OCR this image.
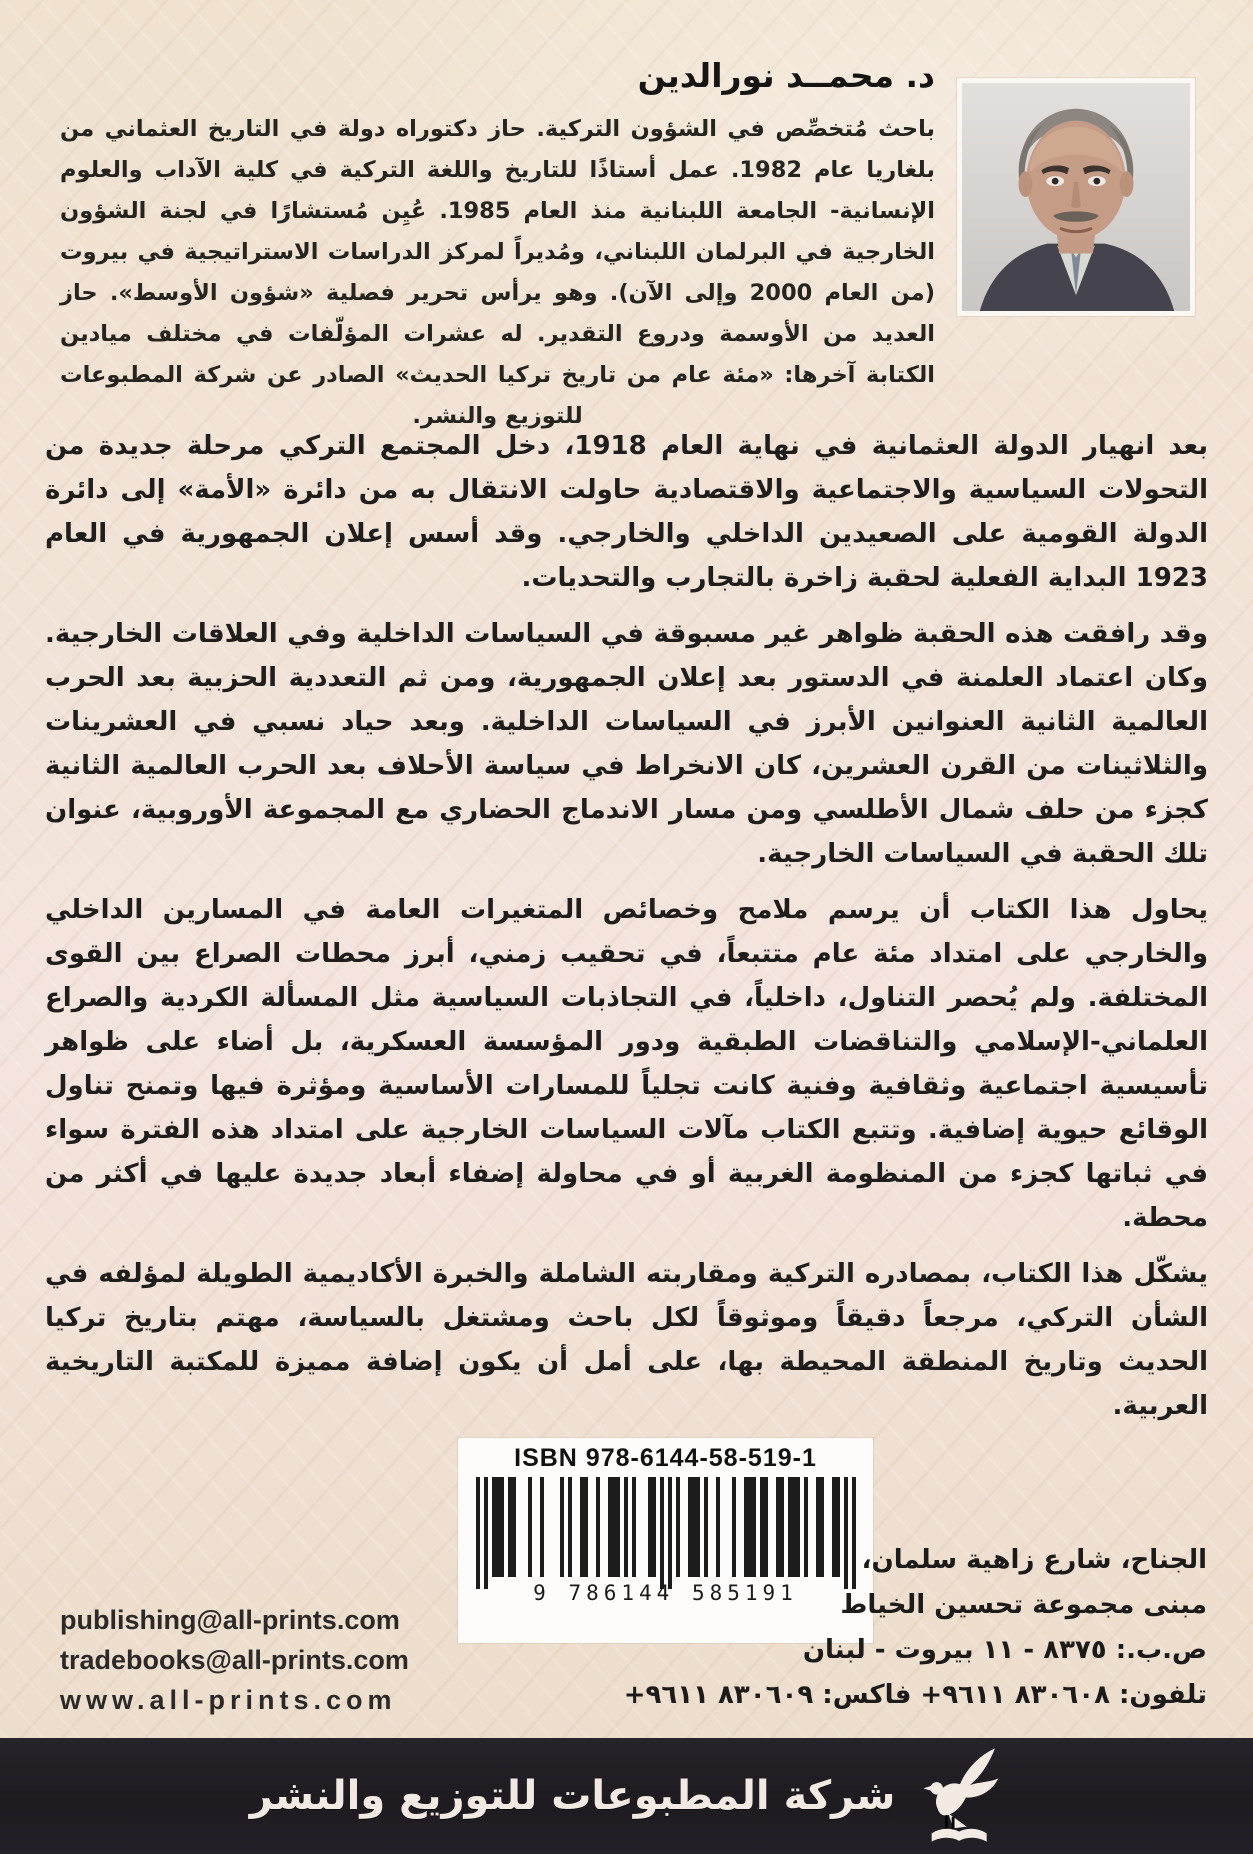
د. محمــد نورالدين

باحث مُتخصِّص في الشؤون التركية. حاز دكتوراه دولة في التاريخ العثماني من بلغاريا عام 1982. عمل أستاذًا للتاريخ واللغة التركية في كلية الآداب والعلوم الإنسانية- الجامعة اللبنانية منذ العام 1985. عُيِن مُستشارًا في لجنة الشؤون الخارجية في البرلمان اللبناني، ومُديراً لمركز الدراسات الاستراتيجية في بيروت (من العام 2000 وإلى الآن). وهو يرأس تحرير فصلية «شؤون الأوسط». حاز العديد من الأوسمة ودروع التقدير. له عشرات المؤلّفات في مختلف ميادين الكتابة آخرها: «مئة عام من تاريخ تركيا الحديث» الصادر عن شركة المطبوعات للتوزيع والنشر.

بعد انهيار الدولة العثمانية في نهاية العام 1918، دخل المجتمع التركي مرحلة جديدة من التحولات السياسية والاجتماعية والاقتصادية حاولت الانتقال به من دائرة «الأمة» إلى دائرة الدولة القومية على الصعيدين الداخلي والخارجي. وقد أسس إعلان الجمهورية في العام 1923 البداية الفعلية لحقبة زاخرة بالتجارب والتحديات.

وقد رافقت هذه الحقبة ظواهر غير مسبوقة في السياسات الداخلية وفي العلاقات الخارجية. وكان اعتماد العلمنة في الدستور بعد إعلان الجمهورية، ومن ثم التعددية الحزبية بعد الحرب العالمية الثانية العنوانين الأبرز في السياسات الداخلية. وبعد حياد نسبي في العشرينات والثلاثينات من القرن العشرين، كان الانخراط في سياسة الأحلاف بعد الحرب العالمية الثانية كجزء من حلف شمال الأطلسي ومن مسار الاندماج الحضاري مع المجموعة الأوروبية، عنوان تلك الحقبة في السياسات الخارجية.

يحاول هذا الكتاب أن يرسم ملامح وخصائص المتغيرات العامة في المسارين الداخلي والخارجي على امتداد مئة عام متتبعاً، في تحقيب زمني، أبرز محطات الصراع بين القوى المختلفة. ولم يُحصر التناول، داخلياً، في التجاذبات السياسية مثل المسألة الكردية والصراع العلماني-الإسلامي والتناقضات الطبقية ودور المؤسسة العسكرية، بل أضاء على ظواهر تأسيسية اجتماعية وثقافية وفنية كانت تجلياً للمسارات الأساسية ومؤثرة فيها وتمنح تناول الوقائع حيوية إضافية. وتتبع الكتاب مآلات السياسات الخارجية على امتداد هذه الفترة سواء في ثباتها كجزء من المنظومة الغربية أو في محاولة إضفاء أبعاد جديدة عليها في أكثر من محطة.

يشكّل هذا الكتاب، بمصادره التركية ومقاربته الشاملة والخبرة الأكاديمية الطويلة لمؤلفه في الشأن التركي، مرجعاً دقيقاً وموثوقاً لكل باحث ومشتغل بالسياسة، مهتم بتاريخ تركيا الحديث وتاريخ المنطقة المحيطة بها، على أمل أن يكون إضافة مميزة للمكتبة التاريخية العربية.

ISBN 978-6144-58-519-1
9 786144 585191
publishing@all-prints.com
tradebooks@all-prints.com
www.all-prints.com
الجناح، شارع زاهية سلمان،
مبنى مجموعة تحسين الخياط
ص.ب.: ٨٣٧٥ - ١١ بيروت - لبنان
تلفون: ٨٣٠٦٠٨ ٩٦١١+ فاكس: ٨٣٠٦٠٩ ٩٦١١+
شركة المطبوعات للتوزيع والنشر
